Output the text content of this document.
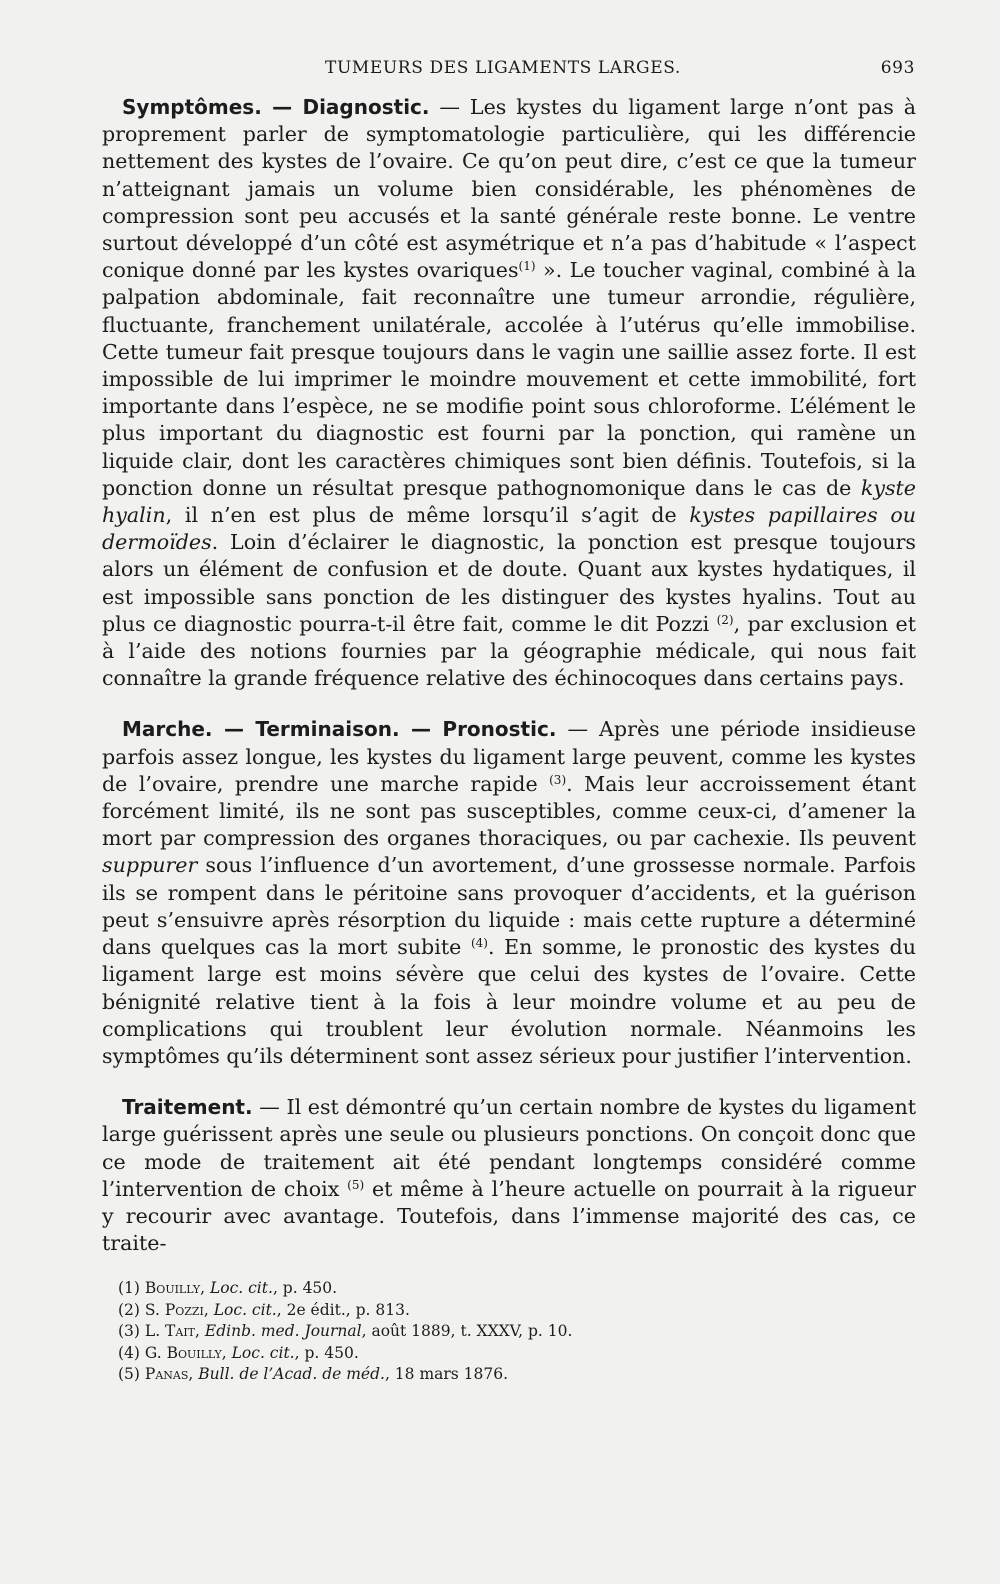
TUMEURS DES LIGAMENTS LARGES.	693

Symptômes. — Diagnostic. — Les kystes du ligament large n’ont pas à proprement parler de symptomatologie particulière, qui les différencie nettement des kystes de l’ovaire. Ce qu’on peut dire, c’est ce que la tumeur n’atteignant jamais un volume bien considérable, les phénomènes de compression sont peu accusés et la santé générale reste bonne. Le ventre surtout développé d’un côté est asymétrique et n’a pas d’habitude « l’aspect conique donné par les kystes ovariques$^{(1)}$ ». Le toucher vaginal, combiné à la palpation abdominale, fait reconnaître une tumeur arrondie, régulière, fluctuante, franchement unilatérale, accolée à l’utérus qu’elle immobilise. Cette tumeur fait presque toujours dans le vagin une saillie assez forte. Il est impossible de lui imprimer le moindre mouvement et cette immobilité, fort importante dans l’espèce, ne se modifie point sous chloroforme. L’élément le plus important du diagnostic est fourni par la ponction, qui ramène un liquide clair, dont les caractères chimiques sont bien définis. Toutefois, si la ponction donne un résultat presque pathognomonique dans le cas de kyste hyalin, il n’en est plus de même lorsqu’il s’agit de kystes papillaires ou dermoïdes. Loin d’éclairer le diagnostic, la ponction est presque toujours alors un élément de confusion et de doute. Quant aux kystes hydatiques, il est impossible sans ponction de les distinguer des kystes hyalins. Tout au plus ce diagnostic pourra-t-il être fait, comme le dit Pozzi $^{(2)}$, par exclusion et à l’aide des notions fournies par la géographie médicale, qui nous fait connaître la grande fréquence relative des échinocoques dans certains pays.

Marche. — Terminaison. — Pronostic. — Après une période insidieuse parfois assez longue, les kystes du ligament large peuvent, comme les kystes de l’ovaire, prendre une marche rapide $^{(3)}$. Mais leur accroissement étant forcément limité, ils ne sont pas susceptibles, comme ceux-ci, d’amener la mort par compression des organes thoraciques, ou par cachexie. Ils peuvent suppurer sous l’influence d’un avortement, d’une grossesse normale. Parfois ils se rompent dans le péritoine sans provoquer d’accidents, et la guérison peut s’ensuivre après résorption du liquide : mais cette rupture a déterminé dans quelques cas la mort subite $^{(4)}$. En somme, le pronostic des kystes du ligament large est moins sévère que celui des kystes de l’ovaire. Cette bénignité relative tient à la fois à leur moindre volume et au peu de complications qui troublent leur évolution normale. Néanmoins les symptômes qu’ils déterminent sont assez sérieux pour justifier l’intervention.

Traitement. — Il est démontré qu’un certain nombre de kystes du ligament large guérissent après une seule ou plusieurs ponctions. On conçoit donc que ce mode de traitement ait été pendant longtemps considéré comme l’intervention de choix $^{(5)}$ et même à l’heure actuelle on pourrait à la rigueur y recourir avec avantage. Toutefois, dans l’immense majorité des cas, ce traite-

(1) Bouilly, Loc. cit., p. 450.
(2) S. Pozzi, Loc. cit., 2e édit., p. 813.
(3) L. Tait, Edinb. med. Journal, août 1889, t. XXXV, p. 10.
(4) G. Bouilly, Loc. cit., p. 450.
(5) Panas, Bull. de l’Acad. de méd., 18 mars 1876.
